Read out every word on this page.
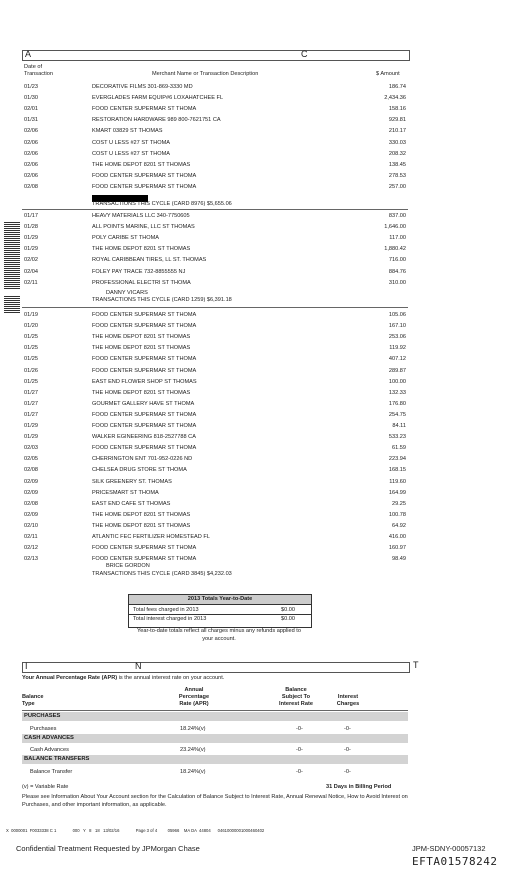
A	C
Date of
Transaction	Merchant Name or Transaction Description	$ Amount
01/23	DECORATIVE FILMS 301-869-3330 MD	186.74
01/30	EVERGLADES FARM EQUIP#6 LOXAHATCHEE FL	2,434.36
02/01	FOOD CENTER SUPERMAR ST THOMA	158.16
01/31	RESTORATION HARDWARE 989 800-7621751 CA	929.81
02/06	KMART 03829 ST THOMAS	210.17
02/06	COST U LESS #27 ST THOMA	330.03
02/06	COST U LESS #27 ST THOMA	208.32
02/06	THE HOME DEPOT 8201 ST THOMAS	138.45
02/06	FOOD CENTER SUPERMAR ST THOMA	278.53
02/08	FOOD CENTER SUPERMAR ST THOMA	257.00
TRANSACTIONS THIS CYCLE (CARD 8976) $5,655.06
01/17	HEAVY MATERIALS LLC 340-7750605	837.00
01/28	ALL POINTS MARINE, LLC ST THOMAS	1,646.00
01/29	POLY CARIBE ST THOMA	117.00
01/29	THE HOME DEPOT 8201 ST THOMAS	1,880.42
02/02	ROYAL CARIBBEAN TIRES, LL ST. THOMAS	716.00
02/04	FOLEY PAY TRACE 732-8855555 NJ	884.76
02/11	PROFESSIONAL ELECTRI ST THOMA	310.00
DANNY VICARS
TRANSACTIONS THIS CYCLE (CARD 1259) $6,391.18
01/19	FOOD CENTER SUPERMAR ST THOMA	105.06
01/20	FOOD CENTER SUPERMAR ST THOMA	167.10
01/25	THE HOME DEPOT 8201 ST THOMAS	253.06
01/25	THE HOME DEPOT 8201 ST THOMAS	119.92
01/25	FOOD CENTER SUPERMAR ST THOMA	407.12
01/26	FOOD CENTER SUPERMAR ST THOMA	289.87
01/25	EAST END FLOWER SHOP ST THOMAS	100.00
01/27	THE HOME DEPOT 8201 ST THOMAS	132.33
01/27	GOURMET GALLERY HAVE ST THOMA	176.80
01/27	FOOD CENTER SUPERMAR ST THOMA	254.75
01/29	FOOD CENTER SUPERMAR ST THOMA	84.11
01/29	WALKER EGINEERING 818-2527788 CA	533.23
02/03	FOOD CENTER SUPERMAR ST THOMA	61.59
02/05	CHERRINGTON ENT 701-952-0226 ND	223.94
02/08	CHELSEA DRUG STORE ST THOMA	168.15
02/09	SILK GREENERY ST. THOMAS	119.60
02/09	PRICESMART ST THOMA	164.99
02/08	EAST END CAFE ST THOMAS	29.25
02/09	THE HOME DEPOT 8201 ST THOMAS	100.78
02/10	THE HOME DEPOT 8201 ST THOMAS	64.92
02/11	ATLANTIC FEC FERTILIZER HOMESTEAD FL	416.00
02/12	FOOD CENTER SUPERMAR ST THOMA	160.97
02/13	FOOD CENTER SUPERMAR ST THOMA	98.49
BRICE GORDON
TRANSACTIONS THIS CYCLE (CARD 3845) $4,232.03
2013 Totals Year-to-Date
Total fees charged in 2013	$0.00
Total interest charged in 2013	$0.00
Year-to-date totals reflect all charges minus any refunds applied to your account.
I	N	T
Your Annual Percentage Rate (APR) is the annual interest rate on your account.
Balance
Type
Annual
Percentage
Rate (APR)
Balance
Subject To
Interest Rate
Interest
Charges
PURCHASES
Purchases	18.24%(v)	-0-	-0-
CASH ADVANCES
Cash Advances	23.24%(v)	-0-	-0-
BALANCE TRANSFERS
Balance Transfer	18.24%(v)	-0-	-0-
(v) = Variable Rate	31 Days in Billing Period
Please see Information About Your Account section for the Calculation of Balance Subject to Interest Rate, Annual Renewal Notice, How to Avoid Interest on Purchases, and other important information, as applicable.
X  0000001  F0033338 C 1              000   Y   8   18   13/02/16              Page 3 of 4         05966    MA DA  44804      04610000001000460402
Confidential Treatment Requested by JPMorgan Chase	JPM-SDNY-00057132
EFTA01578242
